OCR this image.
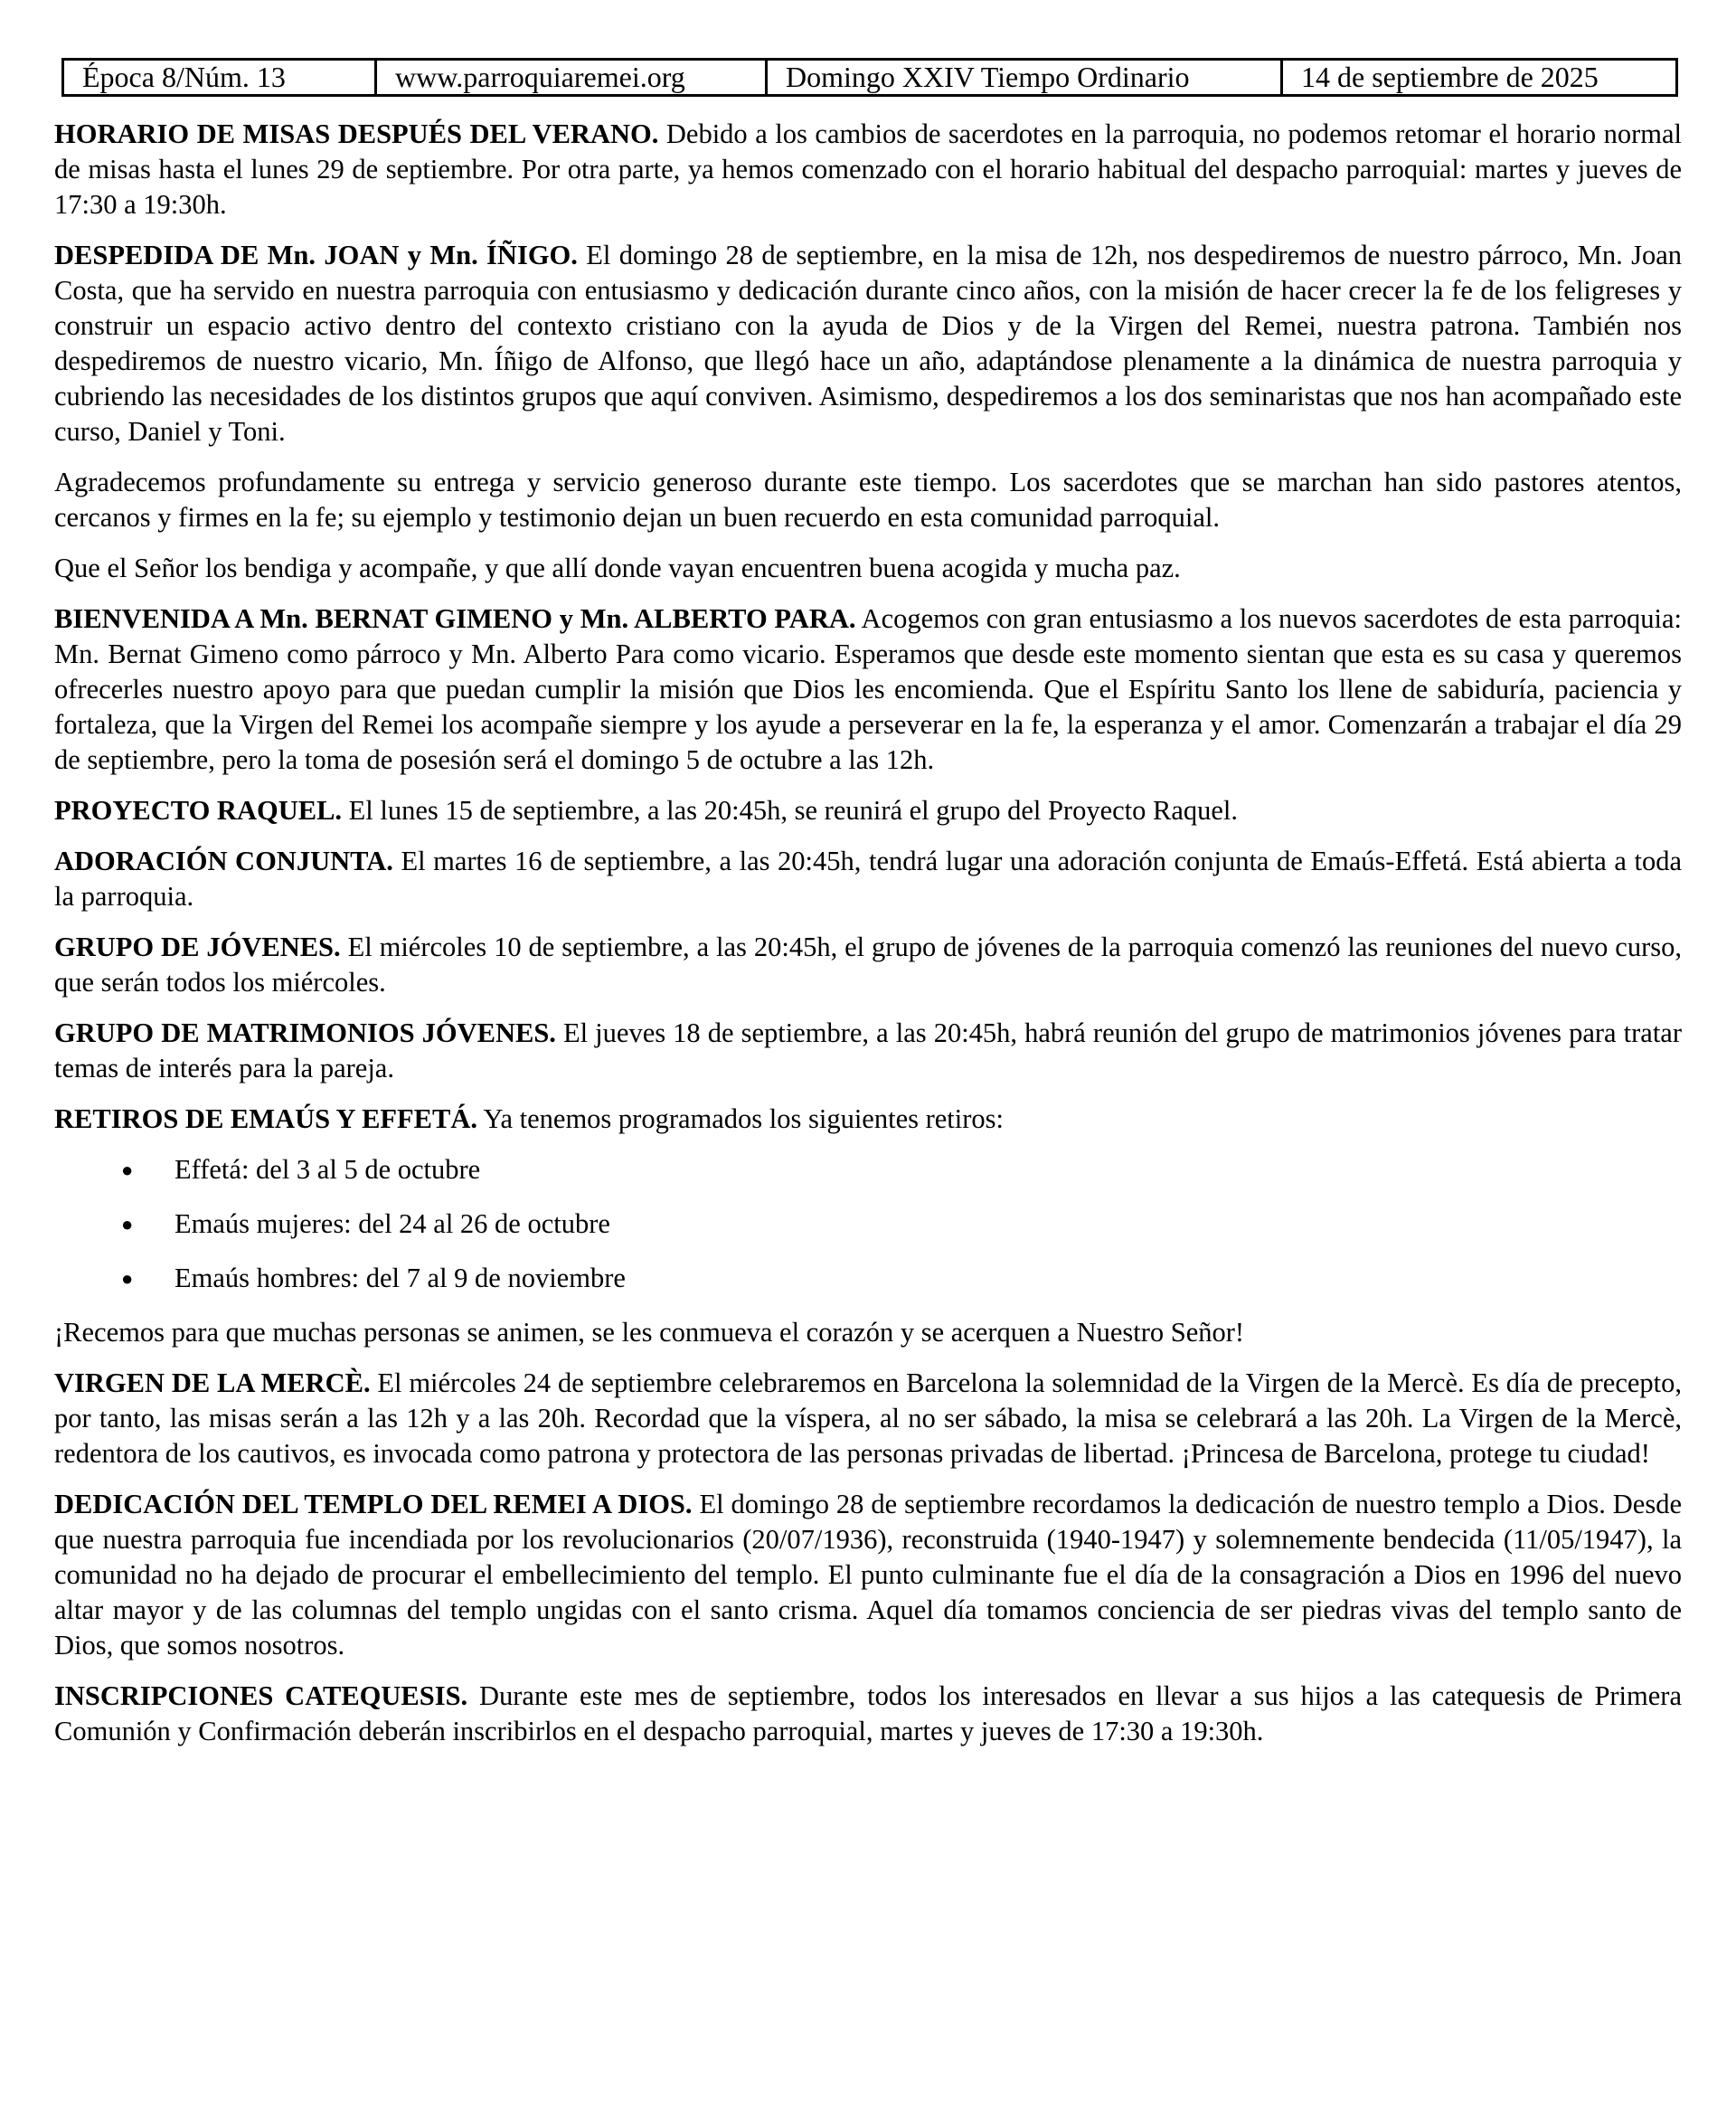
Época 8/Núm. 13	www.parroquiaremei.org	Domingo XXIV Tiempo Ordinario	14 de septiembre de 2025

HORARIO DE MISAS DESPUÉS DEL VERANO. Debido a los cambios de sacerdotes en la parroquia, no podemos retomar el horario normal de misas hasta el lunes 29 de septiembre. Por otra parte, ya hemos comenzado con el horario habitual del despacho parroquial: martes y jueves de 17:30 a 19:30h.

DESPEDIDA DE Mn. JOAN y Mn. ÍÑIGO. El domingo 28 de septiembre, en la misa de 12h, nos despediremos de nuestro párroco, Mn. Joan Costa, que ha servido en nuestra parroquia con entusiasmo y dedicación durante cinco años, con la misión de hacer crecer la fe de los feligreses y construir un espacio activo dentro del contexto cristiano con la ayuda de Dios y de la Virgen del Remei, nuestra patrona. También nos despediremos de nuestro vicario, Mn. Íñigo de Alfonso, que llegó hace un año, adaptándose plenamente a la dinámica de nuestra parroquia y cubriendo las necesidades de los distintos grupos que aquí conviven. Asimismo, despediremos a los dos seminaristas que nos han acompañado este curso, Daniel y Toni.

Agradecemos profundamente su entrega y servicio generoso durante este tiempo. Los sacerdotes que se marchan han sido pastores atentos, cercanos y firmes en la fe; su ejemplo y testimonio dejan un buen recuerdo en esta comunidad parroquial.

Que el Señor los bendiga y acompañe, y que allí donde vayan encuentren buena acogida y mucha paz.

BIENVENIDA A Mn. BERNAT GIMENO y Mn. ALBERTO PARA. Acogemos con gran entusiasmo a los nuevos sacerdotes de esta parroquia: Mn. Bernat Gimeno como párroco y Mn. Alberto Para como vicario. Esperamos que desde este momento sientan que esta es su casa y queremos ofrecerles nuestro apoyo para que puedan cumplir la misión que Dios les encomienda. Que el Espíritu Santo los llene de sabiduría, paciencia y fortaleza, que la Virgen del Remei los acompañe siempre y los ayude a perseverar en la fe, la esperanza y el amor. Comenzarán a trabajar el día 29 de septiembre, pero la toma de posesión será el domingo 5 de octubre a las 12h.

PROYECTO RAQUEL. El lunes 15 de septiembre, a las 20:45h, se reunirá el grupo del Proyecto Raquel.

ADORACIÓN CONJUNTA. El martes 16 de septiembre, a las 20:45h, tendrá lugar una adoración conjunta de Emaús-Effetá. Está abierta a toda la parroquia.

GRUPO DE JÓVENES. El miércoles 10 de septiembre, a las 20:45h, el grupo de jóvenes de la parroquia comenzó las reuniones del nuevo curso, que serán todos los miércoles.

GRUPO DE MATRIMONIOS JÓVENES. El jueves 18 de septiembre, a las 20:45h, habrá reunión del grupo de matrimonios jóvenes para tratar temas de interés para la pareja.

RETIROS DE EMAÚS Y EFFETÁ. Ya tenemos programados los siguientes retiros:

● Effetá: del 3 al 5 de octubre
● Emaús mujeres: del 24 al 26 de octubre
● Emaús hombres: del 7 al 9 de noviembre

¡Recemos para que muchas personas se animen, se les conmueva el corazón y se acerquen a Nuestro Señor!

VIRGEN DE LA MERCÈ. El miércoles 24 de septiembre celebraremos en Barcelona la solemnidad de la Virgen de la Mercè. Es día de precepto, por tanto, las misas serán a las 12h y a las 20h. Recordad que la víspera, al no ser sábado, la misa se celebrará a las 20h. La Virgen de la Mercè, redentora de los cautivos, es invocada como patrona y protectora de las personas privadas de libertad. ¡Princesa de Barcelona, protege tu ciudad!

DEDICACIÓN DEL TEMPLO DEL REMEI A DIOS. El domingo 28 de septiembre recordamos la dedicación de nuestro templo a Dios. Desde que nuestra parroquia fue incendiada por los revolucionarios (20/07/1936), reconstruida (1940-1947) y solemnemente bendecida (11/05/1947), la comunidad no ha dejado de procurar el embellecimiento del templo. El punto culminante fue el día de la consagración a Dios en 1996 del nuevo altar mayor y de las columnas del templo ungidas con el santo crisma. Aquel día tomamos conciencia de ser piedras vivas del templo santo de Dios, que somos nosotros.

INSCRIPCIONES CATEQUESIS. Durante este mes de septiembre, todos los interesados en llevar a sus hijos a las catequesis de Primera Comunión y Confirmación deberán inscribirlos en el despacho parroquial, martes y jueves de 17:30 a 19:30h.
